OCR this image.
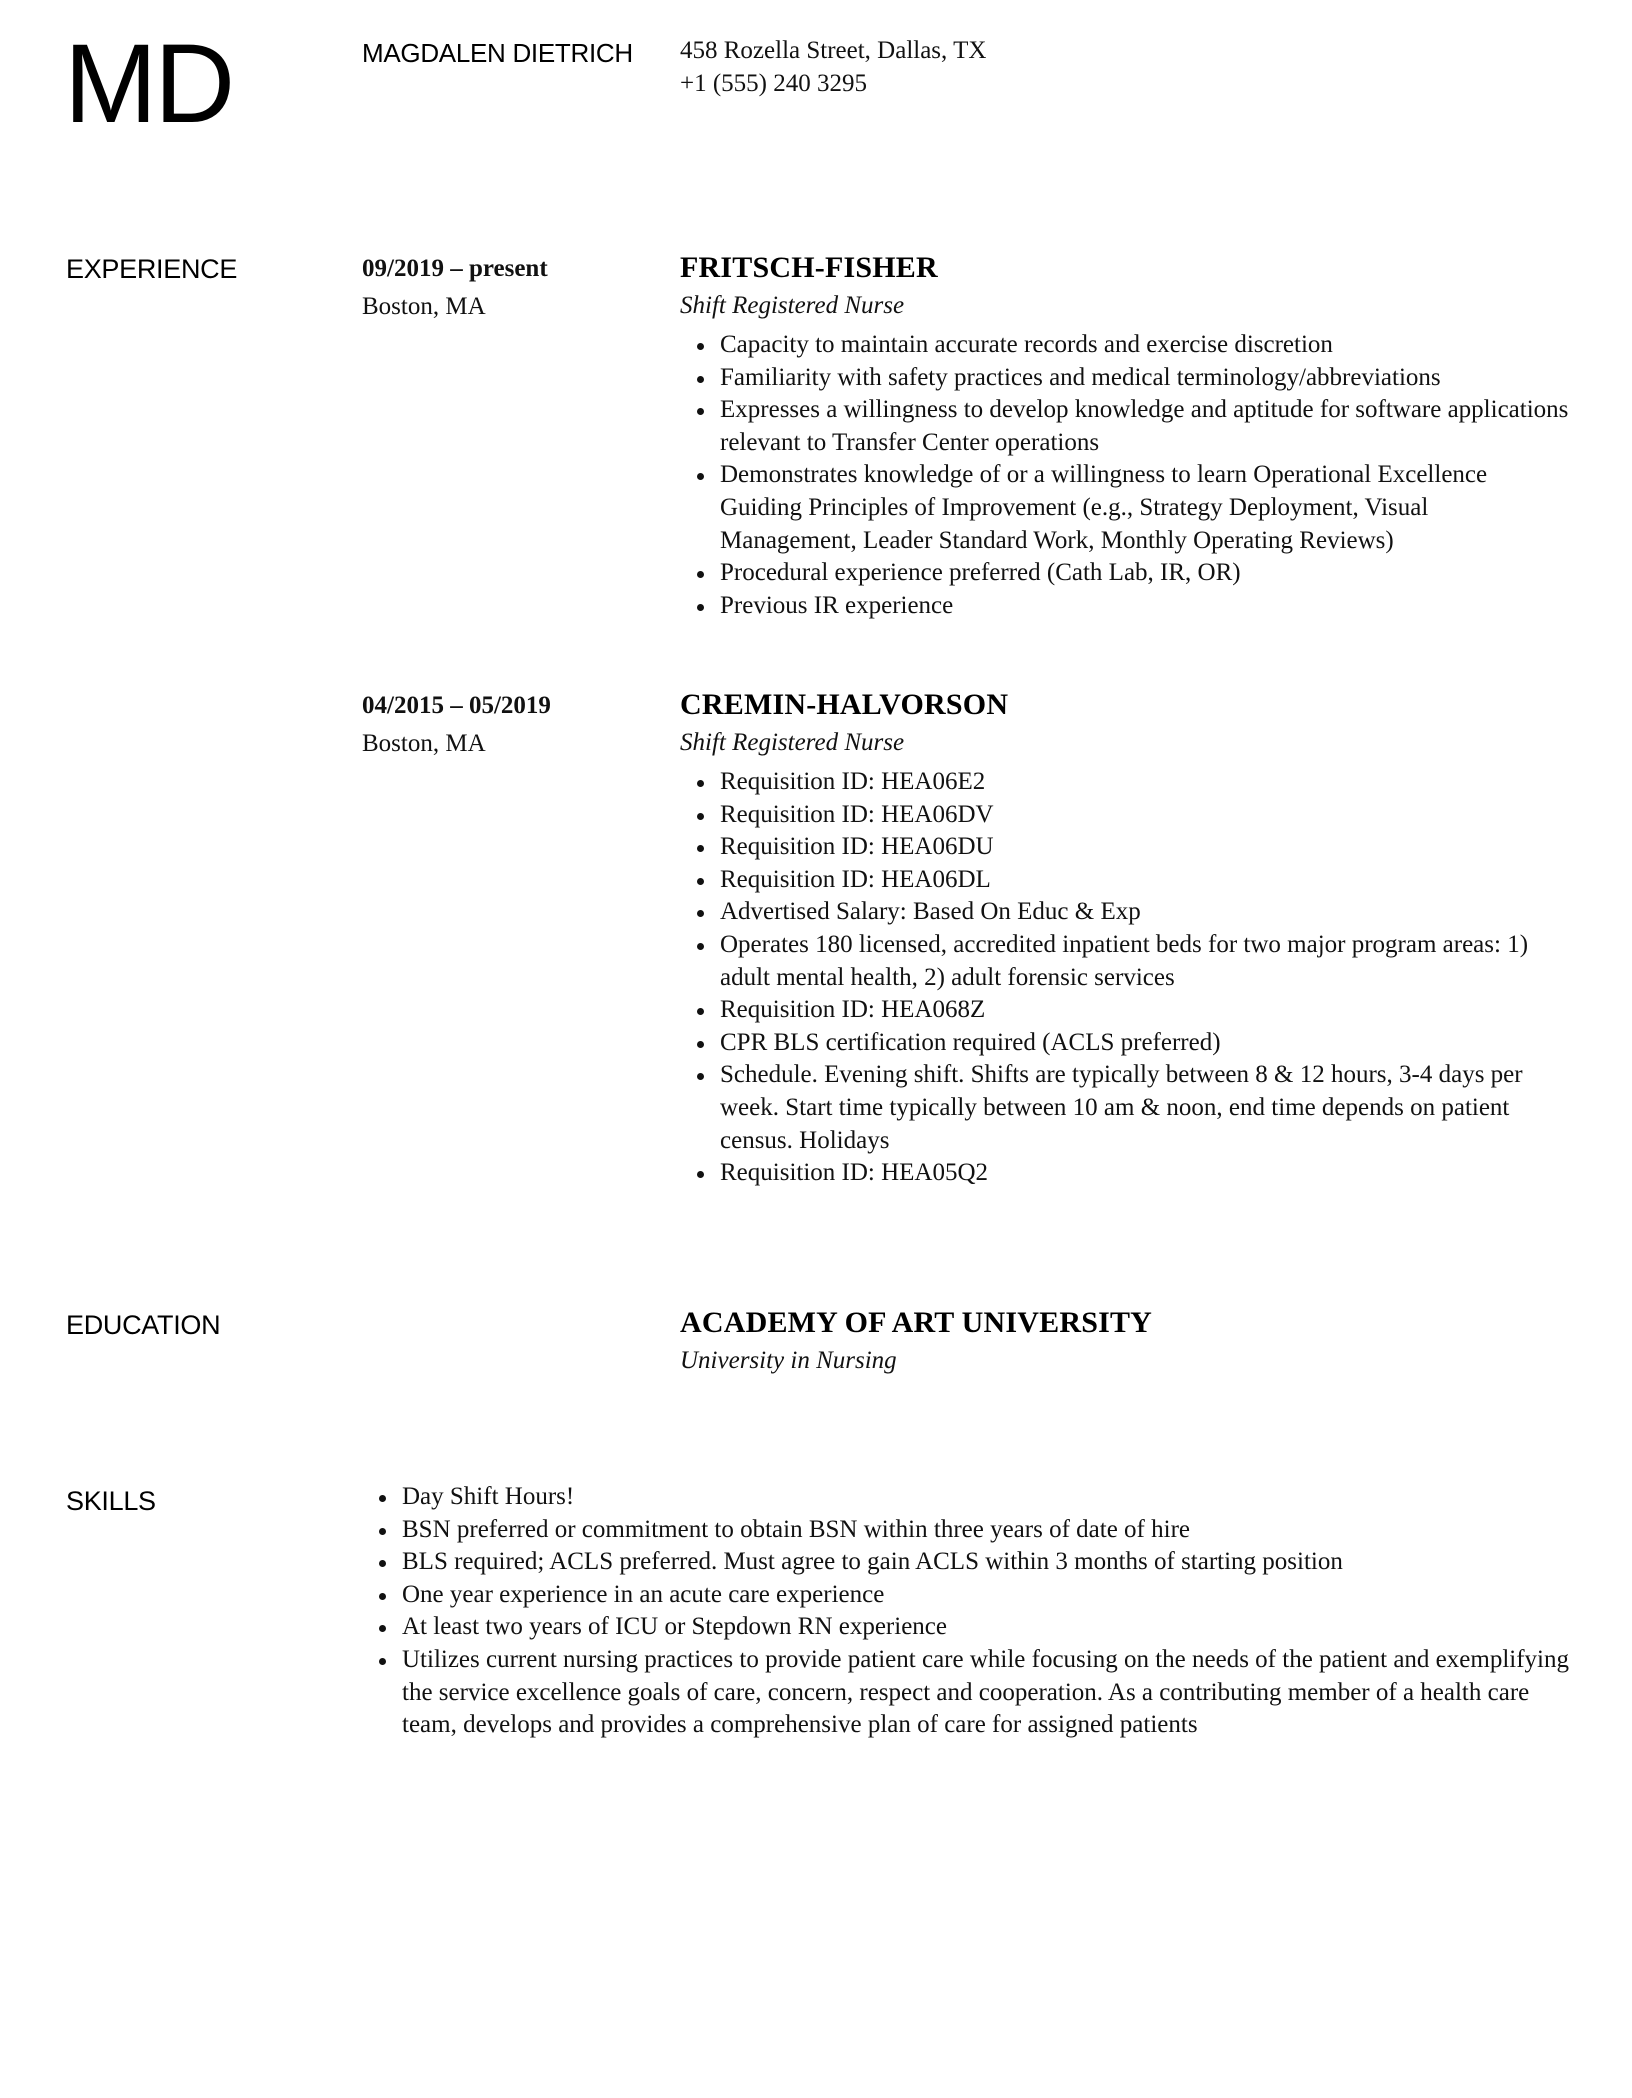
MD	MAGDALEN DIETRICH 458 Rozella Street, Dallas, TX
+1 (555) 240 3295
EXPERIENCE	09/2019 – present
Boston, MA
FRITSCH-FISHER
Shift Registered Nurse
Capacity to maintain accurate records and exercise discretion
Familiarity with safety practices and medical terminology/abbreviations
Expresses a willingness to develop knowledge and aptitude for software applications relevant to Transfer Center operations
Demonstrates knowledge of or a willingness to learn Operational Excellence Guiding Principles of Improvement (e.g., Strategy Deployment, Visual Management, Leader Standard Work, Monthly Operating Reviews)
Procedural experience preferred (Cath Lab, IR, OR)
Previous IR experience
04/2015 – 05/2019
Boston, MA
CREMIN-HALVORSON
Shift Registered Nurse
Requisition ID: HEA06E2
Requisition ID: HEA06DV
Requisition ID: HEA06DU
Requisition ID: HEA06DL
Advertised Salary: Based On Educ & Exp
Operates 180 licensed, accredited inpatient beds for two major program areas: 1) adult mental health, 2) adult forensic services
Requisition ID: HEA068Z
CPR BLS certification required (ACLS preferred)
Schedule. Evening shift. Shifts are typically between 8 & 12 hours, 3-4 days per week. Start time typically between 10 am & noon, end time depends on patient census. Holidays
Requisition ID: HEA05Q2
EDUCATION	ACADEMY OF ART UNIVERSITY
University in Nursing
SKILLS	Day Shift Hours!
BSN preferred or commitment to obtain BSN within three years of date of hire
BLS required; ACLS preferred. Must agree to gain ACLS within 3 months of starting position
One year experience in an acute care experience
At least two years of ICU or Stepdown RN experience
Utilizes current nursing practices to provide patient care while focusing on the needs of the patient and exemplifying the service excellence goals of care, concern, respect and cooperation. As a contributing member of a health care team, develops and provides a comprehensive plan of care for assigned patients
